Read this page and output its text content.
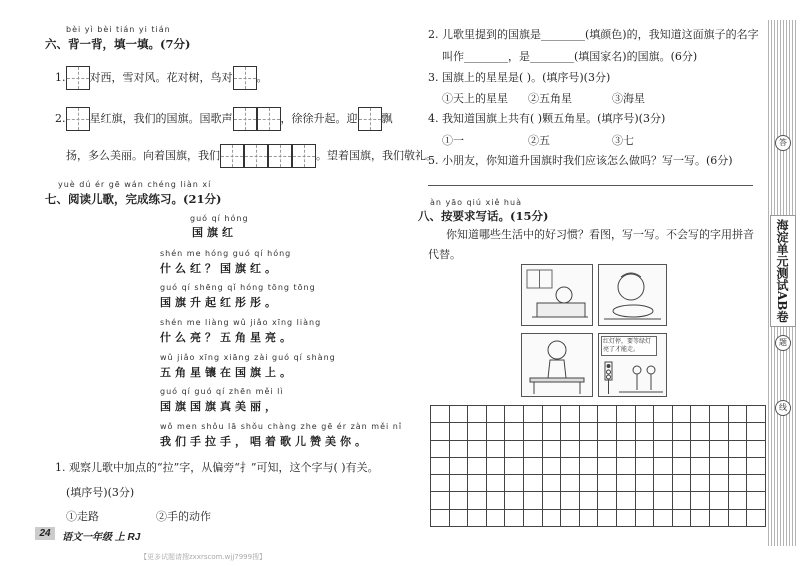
bèi yì bèi tián yi tián
六、背一背，填一填。(7分)
1. 对西，雪对风。花对树，鸟对 。
2. 星红旗，我们的国旗。国歌声	，徐徐升起。迎 飘
扬，多么美丽。向着国旗，我们	。望着国旗，我们敬礼。
yuè dú ér gē wán chéng liàn xí
七、阅读儿歌，完成练习。(21分)
guó qí hóng
国旗红
shén me hóng guó qí hóng
什么红？国旗红。
guó qí shēng qǐ hóng tōng tōng
国旗升起红彤彤。
shén me liàng wǔ jiǎo xīng liàng
什么亮？五角星亮。
wǔ jiǎo xīng xiāng zài guó qí shàng
五角星镶在国旗上。
guó qí guó qí zhēn měi lì
国旗国旗真美丽，
wǒ men shǒu lā shǒu chàng zhe gē ér zàn měi nǐ
我们手拉手，唱着歌儿赞美你。
1. 观察儿歌中加点的“拉”字，从偏旁“扌”可知，这个字与( )有关。
(填序号)(3分)
①走路	②手的动作
24	语文一年级 上 RJ
【更多试题请搜zxxrscom.wjj7999搜】
2. 儿歌里提到的国旗是________(填颜色)的，我知道这面旗子的名字
叫作________，是________(填国家名)的国旗。(6分)
3. 国旗上的星星是( )。(填序号)(3分)
①天上的星星 ②五角星	③海星
4. 我知道国旗上共有( )颗五角星。(填序号)(3分)
①一	②五	③七
5. 小朋友，你知道升国旗时我们应该怎么做吗？写一写。(6分)
àn yāo qiú xiě huà
八、按要求写话。(15分)
你知道哪些生活中的好习惯？看图，写一写。不会写的字用拼音
代替。
红灯停，要等绿灯亮了才能走。

海淀单元测试AB卷
答
题
线
